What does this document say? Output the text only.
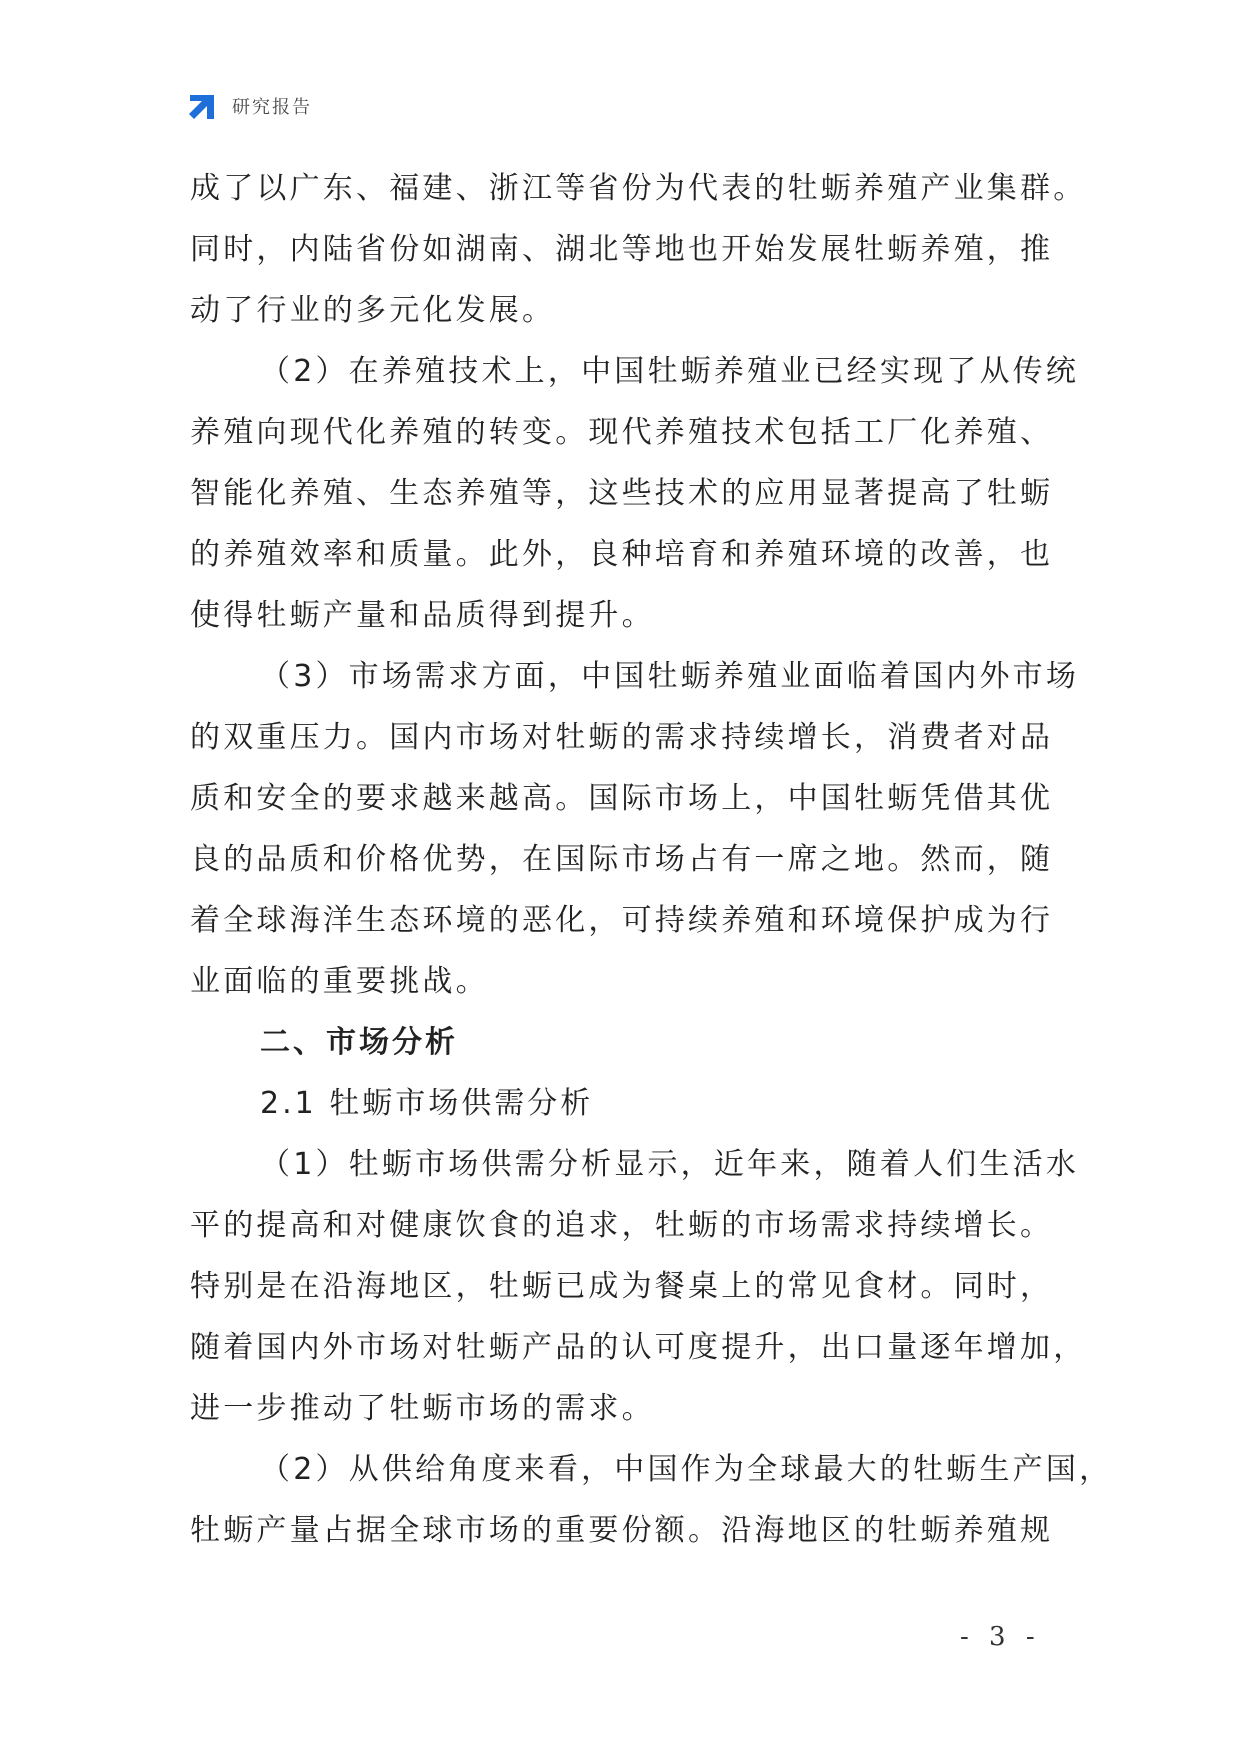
研究报告
成了以广东、福建、浙江等省份为代表的牡蛎养殖产业集群。
同时，内陆省份如湖南、湖北等地也开始发展牡蛎养殖，推
动了行业的多元化发展。
（2）在养殖技术上，中国牡蛎养殖业已经实现了从传统
养殖向现代化养殖的转变。现代养殖技术包括工厂化养殖、
智能化养殖、生态养殖等，这些技术的应用显著提高了牡蛎
的养殖效率和质量。此外，良种培育和养殖环境的改善，也
使得牡蛎产量和品质得到提升。
（3）市场需求方面，中国牡蛎养殖业面临着国内外市场
的双重压力。国内市场对牡蛎的需求持续增长，消费者对品
质和安全的要求越来越高。国际市场上，中国牡蛎凭借其优
良的品质和价格优势，在国际市场占有一席之地。然而，随
着全球海洋生态环境的恶化，可持续养殖和环境保护成为行
业面临的重要挑战。
二、市场分析
2.1 牡蛎市场供需分析
（1）牡蛎市场供需分析显示，近年来，随着人们生活水
平的提高和对健康饮食的追求，牡蛎的市场需求持续增长。
特别是在沿海地区，牡蛎已成为餐桌上的常见食材。同时，
随着国内外市场对牡蛎产品的认可度提升，出口量逐年增加，
进一步推动了牡蛎市场的需求。
（2）从供给角度来看，中国作为全球最大的牡蛎生产国，
牡蛎产量占据全球市场的重要份额。沿海地区的牡蛎养殖规
- 3 -
